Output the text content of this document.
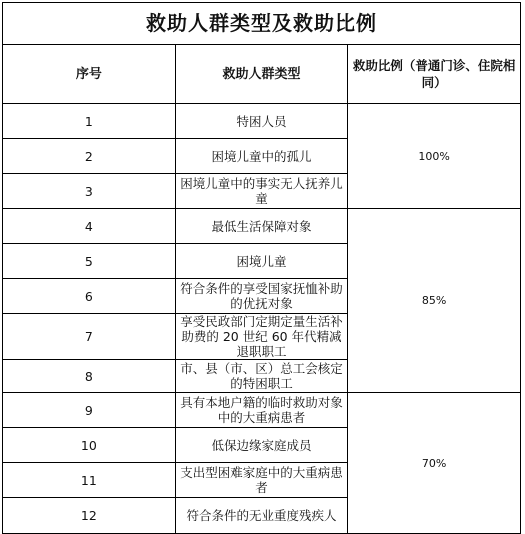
救助人群类型及救助比例		
序号	救助人群类型	救助比例（普通门诊、住院相同）
1	特困人员	100%
2	困境儿童中的孤儿	
3	困境儿童中的事实无人抚养儿童	
4	最低生活保障对象	85%
5	困境儿童	
6	符合条件的享受国家抚恤补助的优抚对象	
7	享受民政部门定期定量生活补助费的 20 世纪 60 年代精减退职职工	
8	市、县（市、区）总工会核定的特困职工	
9	具有本地户籍的临时救助对象中的大重病患者	70%
10	低保边缘家庭成员	
11	支出型困难家庭中的大重病患者	
12	符合条件的无业重度残疾人	
